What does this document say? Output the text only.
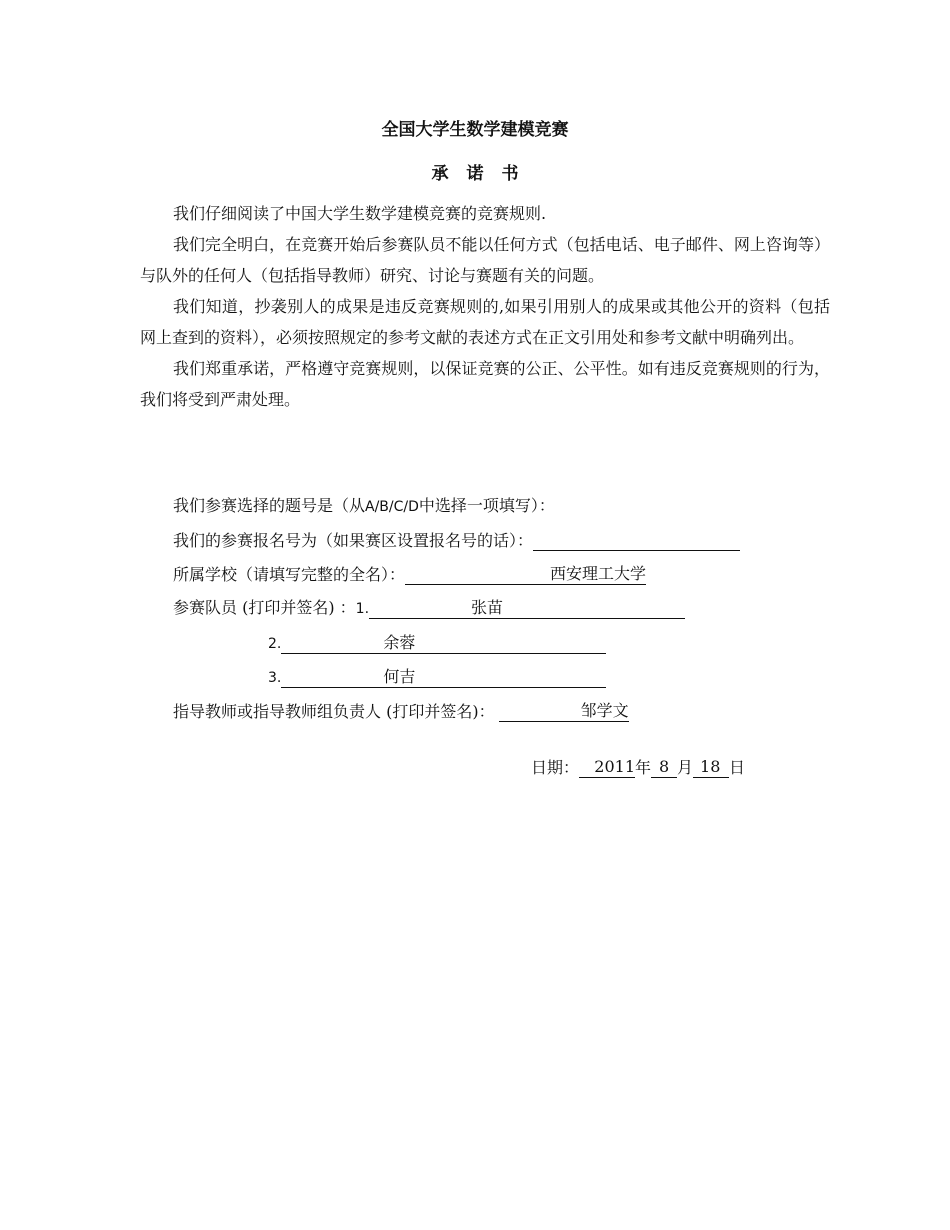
全国大学生数学建模竞赛
承诺书

我们仔细阅读了中国大学生数学建模竞赛的竞赛规则.

我们完全明白，在竞赛开始后参赛队员不能以任何方式（包括电话、电子邮件、网上咨询等）与队外的任何人（包括指导教师）研究、讨论与赛题有关的问题。

我们知道，抄袭别人的成果是违反竞赛规则的,如果引用别人的成果或其他公开的资料（包括网上查到的资料），必须按照规定的参考文献的表述方式在正文引用处和参考文献中明确列出。

我们郑重承诺，严格遵守竞赛规则，以保证竞赛的公正、公平性。如有违反竞赛规则的行为，我们将受到严肃处理。

我们参赛选择的题号是（从A/B/C/D中选择一项填写）：
我们的参赛报名号为（如果赛区设置报名号的话）：
所属学校（请填写完整的全名）：	西安理工大学
参赛队员 (打印并签名) ：1.	张苗
2.	余蓉
3.	何吉
指导教师或指导教师组负责人 (打印并签名)：	邹学文
日期： 2011 年 8 月 18 日
